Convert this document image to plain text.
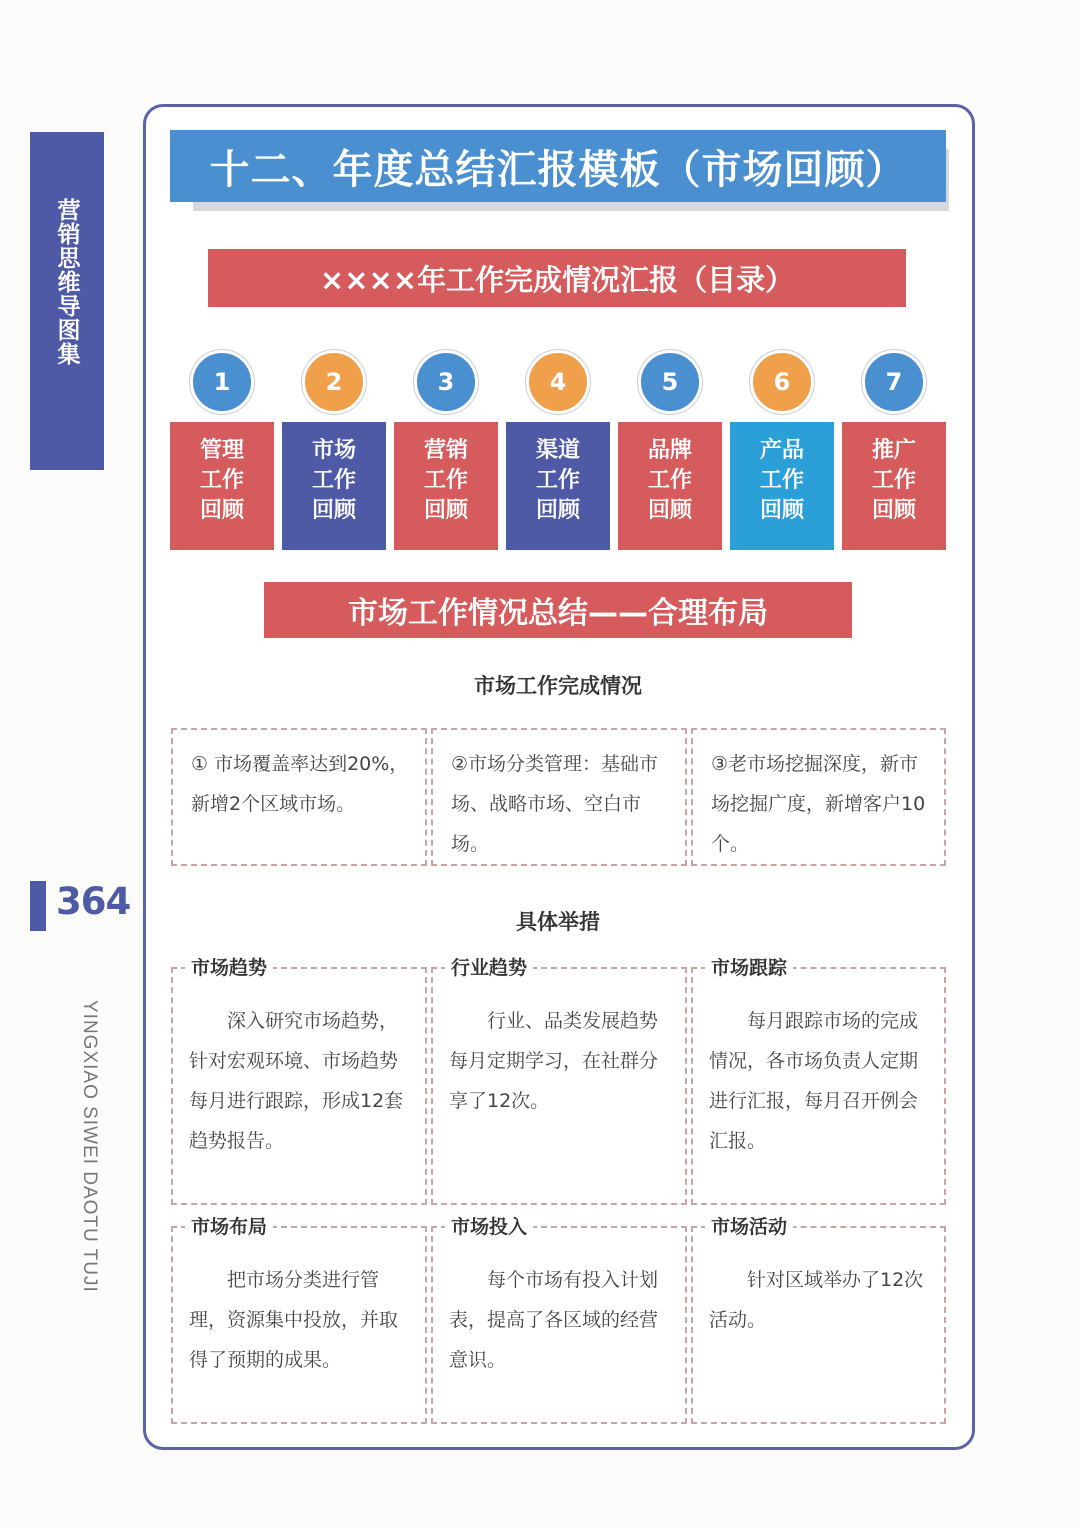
营销思维导图集
364
YINGXIAO SIWEI DAOTU TUJI
十二、年度总结汇报模板（市场回顾）
××××年工作完成情况汇报（目录）
1
管理
工作
回顾
2
市场
工作
回顾
3
营销
工作
回顾
4
渠道
工作
回顾
5
品牌
工作
回顾
6
产品
工作
回顾
7
推广
工作
回顾
市场工作情况总结——合理布局
市场工作完成情况
① 市场覆盖率达到20%，新增2个区域市场。
②市场分类管理：基础市场、战略市场、空白市场。
③老市场挖掘深度，新市场挖掘广度，新增客户10个。
具体举措
市场趋势
深入研究市场趋势，针对宏观环境、市场趋势每月进行跟踪，形成12套趋势报告。
行业趋势
行业、品类发展趋势每月定期学习，在社群分享了12次。
市场跟踪
每月跟踪市场的完成情况，各市场负责人定期进行汇报，每月召开例会汇报。
市场布局
把市场分类进行管理，资源集中投放，并取得了预期的成果。
市场投入
每个市场有投入计划表，提高了各区域的经营意识。
市场活动
针对区域举办了12次活动。
